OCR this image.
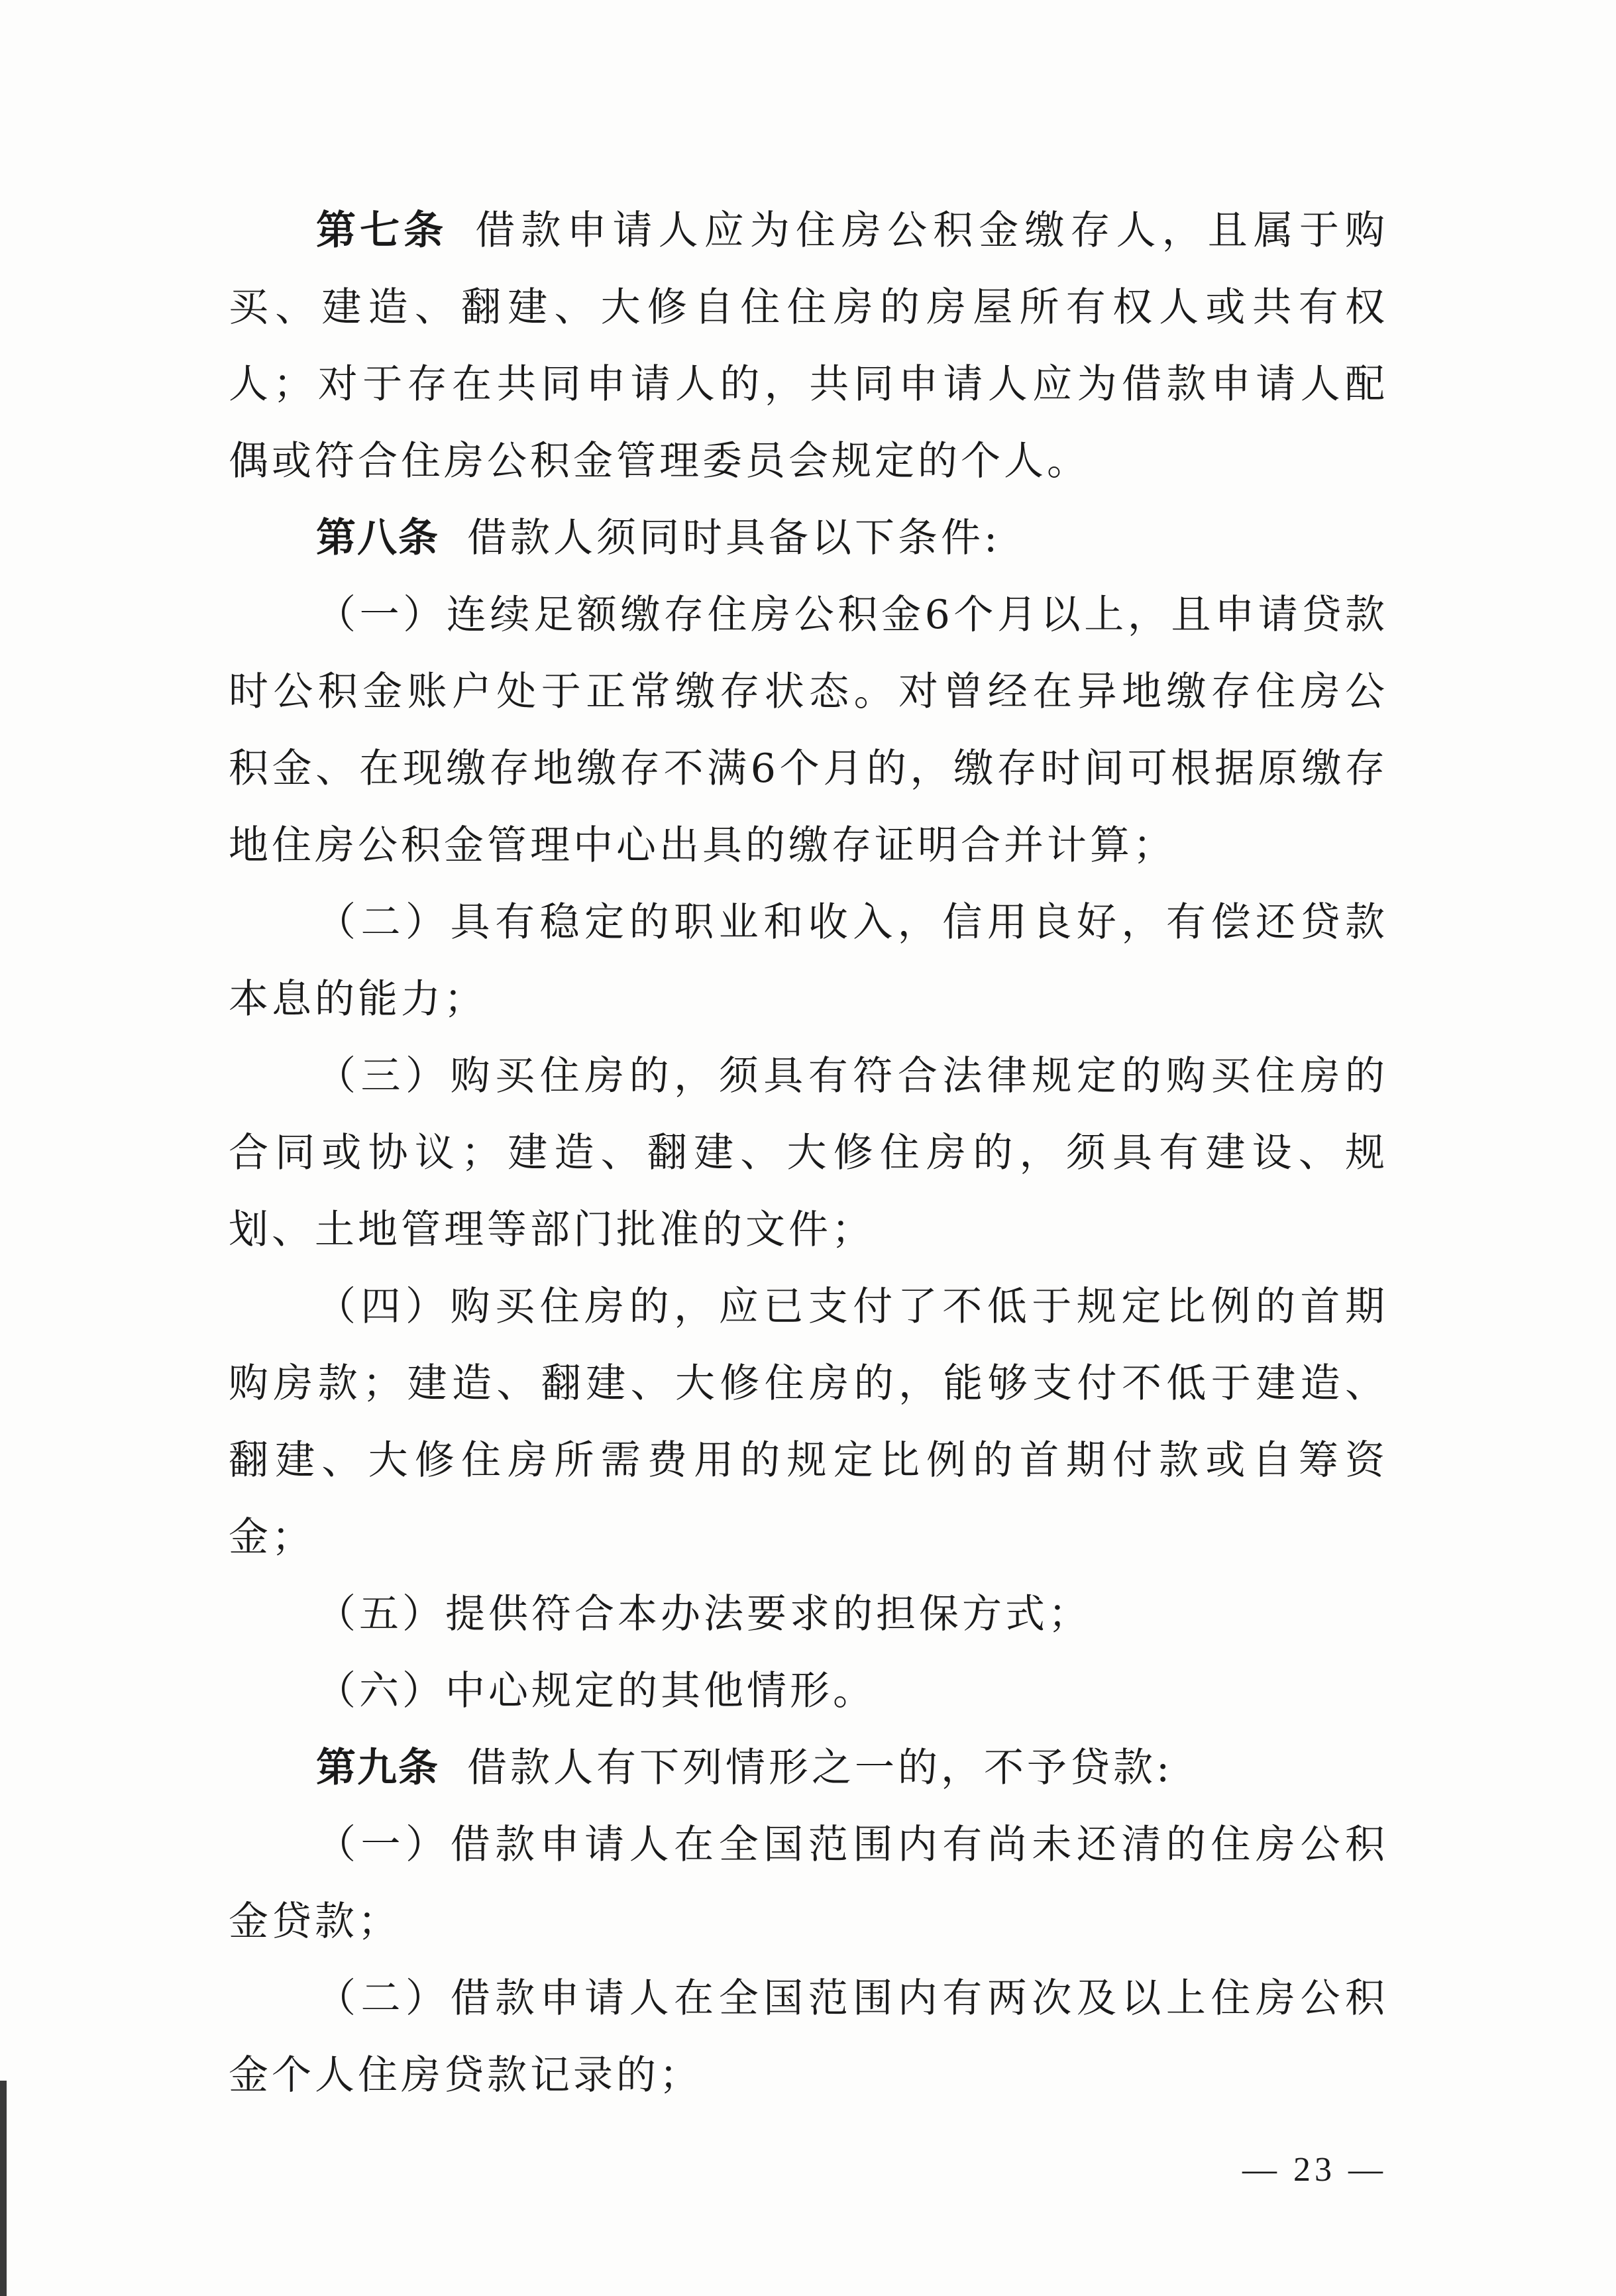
第七条 借款申请人应为住房公积金缴存人，且属于购买、建造、翻建、大修自住住房的房屋所有权人或共有权人；对于存在共同申请人的，共同申请人应为借款申请人配偶或符合住房公积金管理委员会规定的个人。

第八条 借款人须同时具备以下条件:

（一）连续足额缴存住房公积金6个月以上，且申请贷款时公积金账户处于正常缴存状态。对曾经在异地缴存住房公积金、在现缴存地缴存不满6个月的，缴存时间可根据原缴存地住房公积金管理中心出具的缴存证明合并计算；

（二）具有稳定的职业和收入，信用良好，有偿还贷款本息的能力；

（三）购买住房的，须具有符合法律规定的购买住房的合同或协议；建造、翻建、大修住房的，须具有建设、规划、土地管理等部门批准的文件；

（四）购买住房的，应已支付了不低于规定比例的首期购房款；建造、翻建、大修住房的，能够支付不低于建造、翻建、大修住房所需费用的规定比例的首期付款或自筹资金；

（五）提供符合本办法要求的担保方式；

（六）中心规定的其他情形。

第九条 借款人有下列情形之一的，不予贷款:

（一）借款申请人在全国范围内有尚未还清的住房公积金贷款；

（二）借款申请人在全国范围内有两次及以上住房公积金个人住房贷款记录的；

— 23 —
